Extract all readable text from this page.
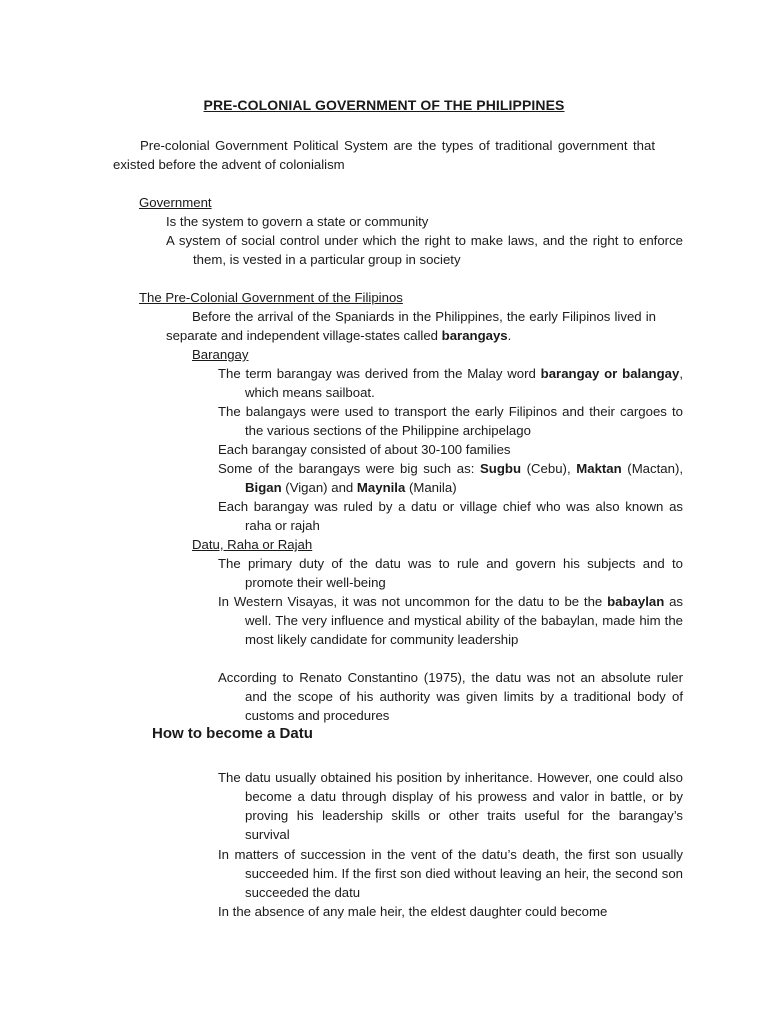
PRE-COLONIAL GOVERNMENT OF THE PHILIPPINES
Pre-colonial Government Political System are the types of traditional government that existed before the advent of colonialism
Government
Is the system to govern a state or community
A system of social control under which the right to make laws, and the right to enforce them, is vested in a particular group in society
The Pre-Colonial Government of the Filipinos
Before the arrival of the Spaniards in the Philippines, the early Filipinos lived in separate and independent village-states called barangays.
Barangay
The term barangay was derived from the Malay word barangay or balangay, which means sailboat.
The balangays were used to transport the early Filipinos and their cargoes to the various sections of the Philippine archipelago
Each barangay consisted of about 30-100 families
Some of the barangays were big such as: Sugbu (Cebu), Maktan (Mactan), Bigan (Vigan) and Maynila (Manila)
Each barangay was ruled by a datu or village chief who was also known as raha or rajah
Datu, Raha or Rajah
The primary duty of the datu was to rule and govern his subjects and to promote their well-being
In Western Visayas, it was not uncommon for the datu to be the babaylan as well. The very influence and mystical ability of the babaylan, made him the most likely candidate for community leadership
According to Renato Constantino (1975), the datu was not an absolute ruler and the scope of his authority was given limits by a traditional body of customs and procedures
How to become a Datu
The datu usually obtained his position by inheritance. However, one could also become a datu through display of his prowess and valor in battle, or by proving his leadership skills or other traits useful for the barangay’s survival
In matters of succession in the vent of the datu’s death, the first son usually succeeded him. If the first son died without leaving an heir, the second son succeeded the datu
In the absence of any male heir, the eldest daughter could become
